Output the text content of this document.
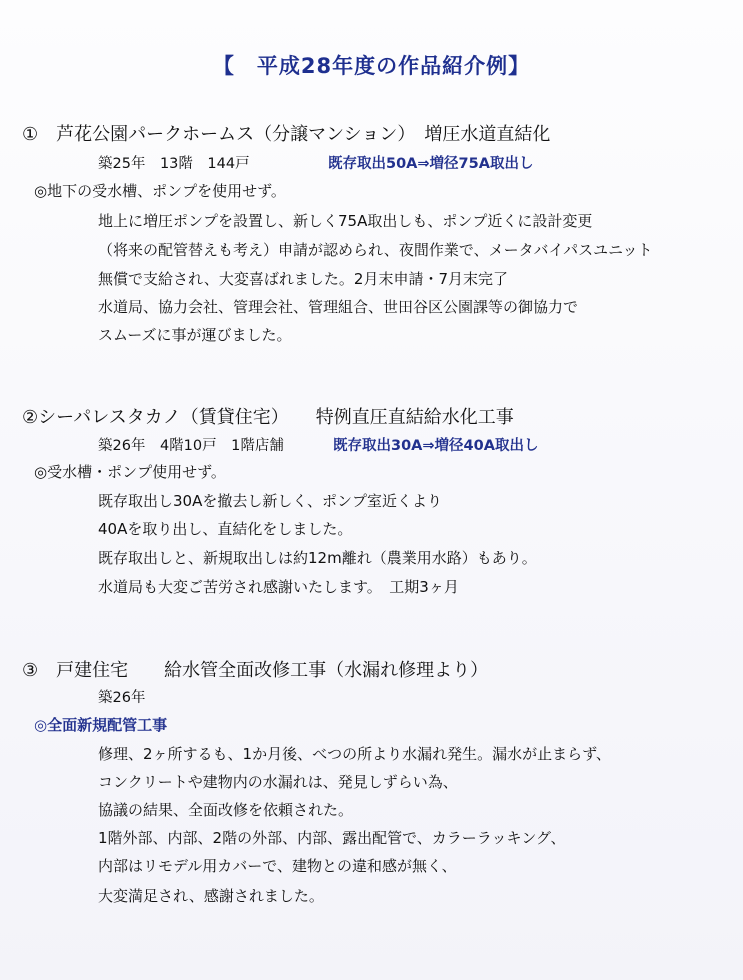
【　平成28年度の作品紹介例】
①　芦花公園パークホームス（分譲マンション）　増圧水道直結化
築25年　13階　144戸	既存取出50A⇒増径75A取出し
◎地下の受水槽、ポンプを使用せず。
地上に増圧ポンプを設置し、新しく75A取出しも、ポンプ近くに設計変更
（将来の配管替えも考え）申請が認められ、夜間作業で、メータバイパスユニット
無償で支給され、大変喜ばれました。2月末申請・7月末完了
水道局、協力会社、管理会社、管理組合、世田谷区公園課等の御協力で
スムーズに事が運びました。
②シーパレスタカノ（賃貸住宅）　　特例直圧直結給水化工事
築26年　4階10戸　1階店舗	既存取出30A⇒増径40A取出し
◎受水槽・ポンプ使用せず。
既存取出し30Aを撤去し新しく、ポンプ室近くより
40Aを取り出し、直結化をしました。
既存取出しと、新規取出しは約12m離れ（農業用水路）もあり。
水道局も大変ご苦労され感謝いたします。　工期3ヶ月
③　戸建住宅　　給水管全面改修工事（水漏れ修理より）
築26年
◎全面新規配管工事
修理、2ヶ所するも、1か月後、べつの所より水漏れ発生。漏水が止まらず、
コンクリートや建物内の水漏れは、発見しずらい為、
協議の結果、全面改修を依頼された。
1階外部、内部、2階の外部、内部、露出配管で、カラーラッキング、
内部はリモデル用カバーで、建物との違和感が無く、
大変満足され、感謝されました。
